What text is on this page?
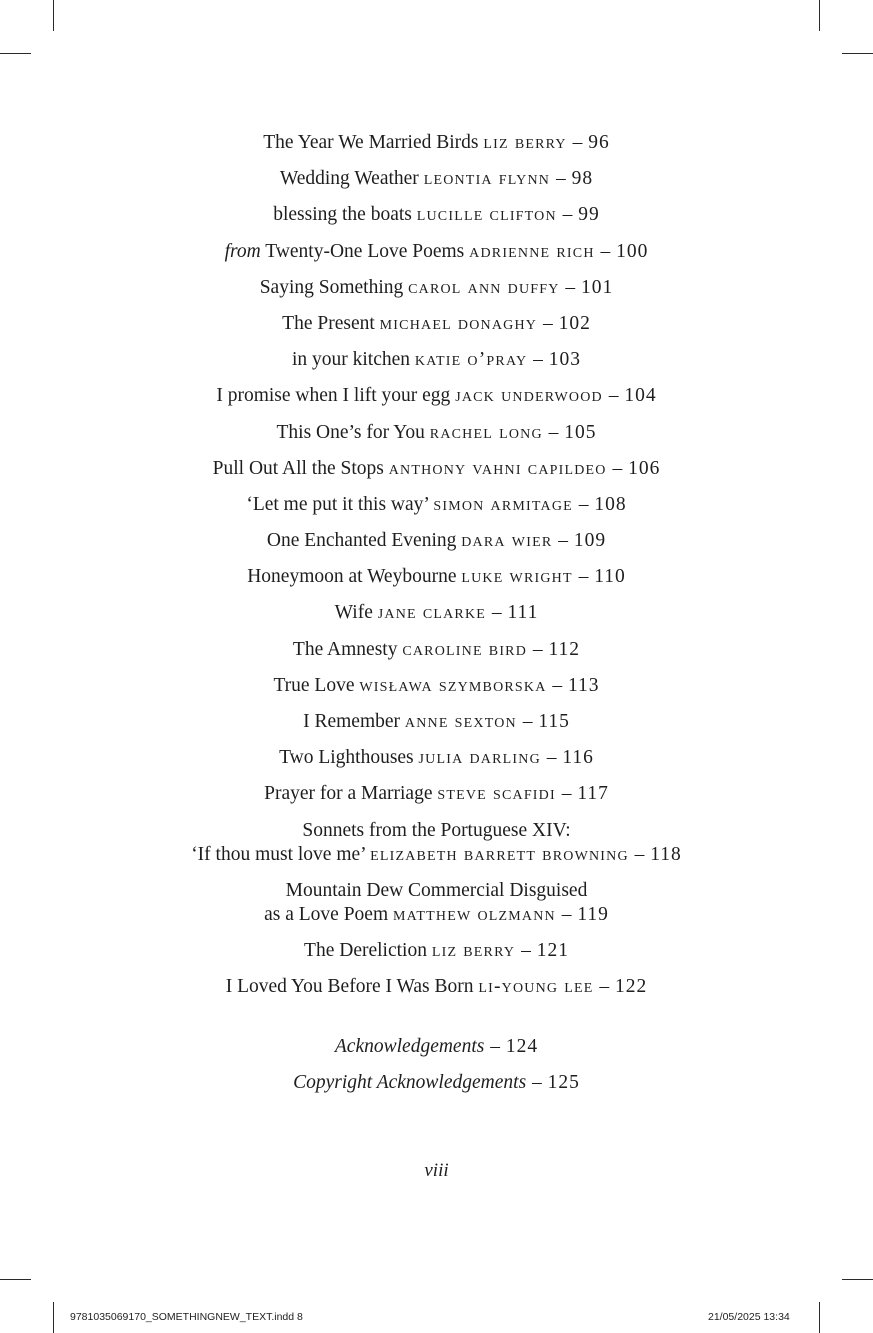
The Year We Married Birds liz berry – 96
Wedding Weather leontia flynn – 98
blessing the boats lucille clifton – 99
from Twenty-One Love Poems adrienne rich – 100
Saying Something carol ann duffy – 101
The Present michael donaghy – 102
in your kitchen katie o’pray – 103
I promise when I lift your egg jack underwood – 104
This One’s for You rachel long – 105
Pull Out All the Stops anthony vahni capildeo – 106
‘Let me put it this way’ simon armitage – 108
One Enchanted Evening dara wier – 109
Honeymoon at Weybourne luke wright – 110
Wife jane clarke – 111
The Amnesty caroline bird – 112
True Love wisława szymborska – 113
I Remember anne sexton – 115
Two Lighthouses julia darling – 116
Prayer for a Marriage steve scafidi – 117
Sonnets from the Portuguese XIV:
‘If thou must love me’ elizabeth barrett browning – 118
Mountain Dew Commercial Disguised
as a Love Poem matthew olzmann – 119
The Dereliction liz berry – 121
I Loved You Before I Was Born li-young lee – 122
Acknowledgements – 124
Copyright Acknowledgements – 125
viii
9781035069170_SOMETHINGNEW_TEXT.indd 8	21/05/2025 13:34
